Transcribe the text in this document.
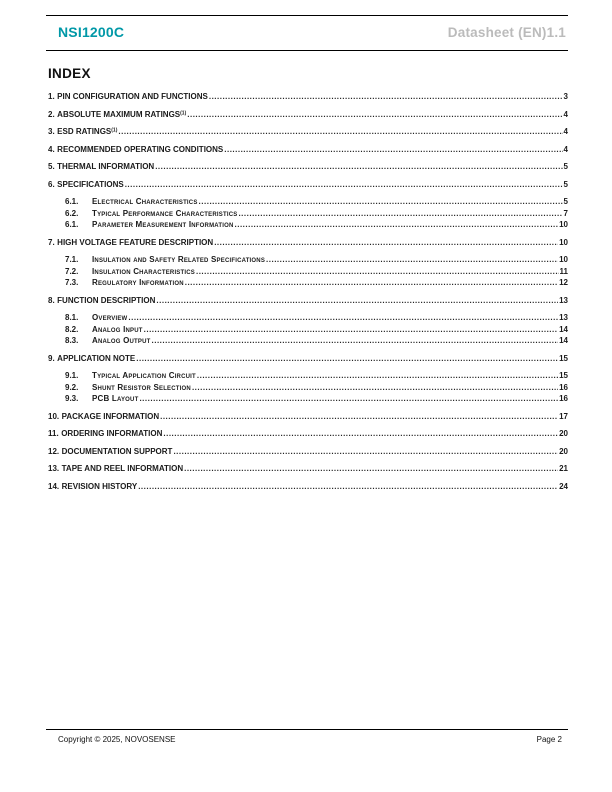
NSI1200C	Datasheet (EN)1.1
INDEX
1. PIN CONFIGURATION AND FUNCTIONS .....	3
2. ABSOLUTE MAXIMUM RATINGS$^{(1)}$ .....	4
3. ESD RATINGS$^{(1)}$ .....	4
4. RECOMMENDED OPERATING CONDITIONS .....	4
5. THERMAL INFORMATION .....	5
6. SPECIFICATIONS .....	5
6.1.	Electrical Characteristics .....	5
6.2.	Typical Performance Characteristics .....	7
6.1.	Parameter Measurement Information .....	10
7. HIGH VOLTAGE FEATURE DESCRIPTION .....	10
7.1.	Insulation and Safety Related Specifications .....	10
7.2.	Insulation Characteristics .....	11
7.3.	Regulatory Information .....	12
8. FUNCTION DESCRIPTION .....	13
8.1.	Overview .....	13
8.2.	Analog Input .....	14
8.3.	Analog Output .....	14
9. APPLICATION NOTE .....	15
9.1.	Typical Application Circuit .....	15
9.2.	Shunt Resistor Selection .....	16
9.3.	PCB Layout .....	16
10. PACKAGE INFORMATION .....	17
11. ORDERING INFORMATION .....	20
12. DOCUMENTATION SUPPORT .....	20
13. TAPE AND REEL INFORMATION .....	21
14. REVISION HISTORY .....	24
Copyright © 2025, NOVOSENSE	Page 2
